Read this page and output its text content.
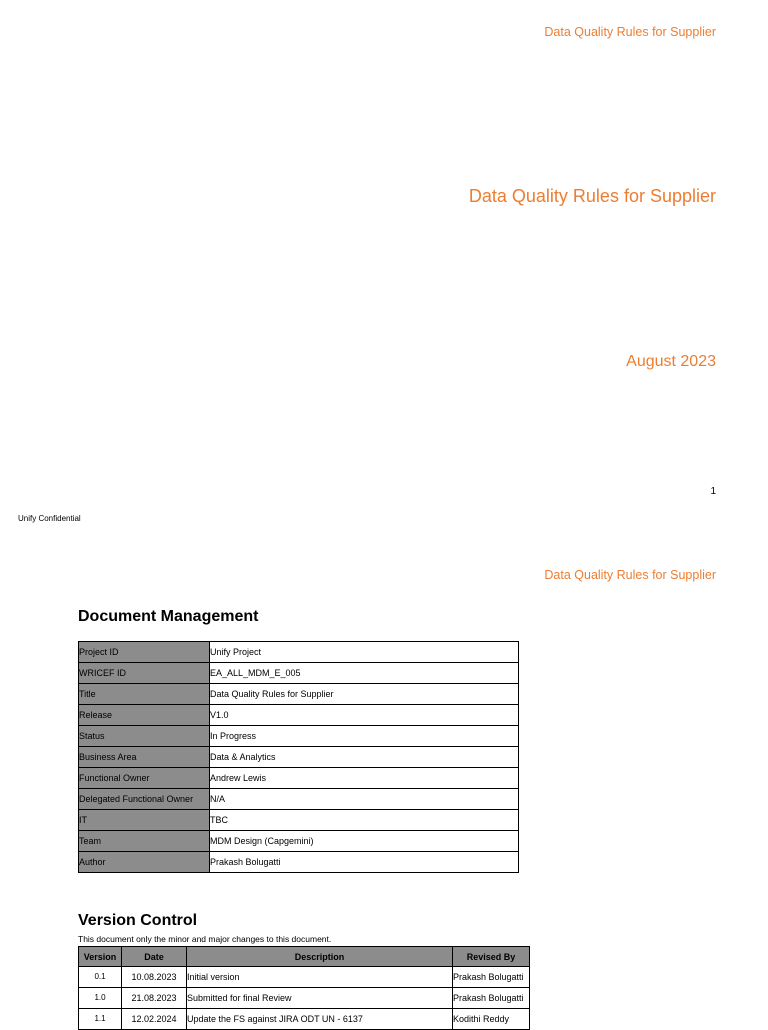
Data Quality Rules for Supplier
Data Quality Rules for Supplier
August 2023
1
Unify Confidential
Data Quality Rules for Supplier
Document Management
Project ID	Unify Project
WRICEF ID	EA_ALL_MDM_E_005
Title	Data Quality Rules for Supplier
Release	V1.0
Status	In Progress
Business Area	Data & Analytics
Functional Owner	Andrew Lewis
Delegated Functional Owner	N/A
IT	TBC
Team	MDM Design (Capgemini)
Author	Prakash Bolugatti
Version Control
This document only the minor and major changes to this document.
Version	Date	Description	Revised By
0.1	10.08.2023	Initial version	Prakash Bolugatti
1.0	21.08.2023	Submitted for final Review	Prakash Bolugatti
1.1	12.02.2024	Update the FS against JIRA ODT UN - 6137	Kodithi Reddy
